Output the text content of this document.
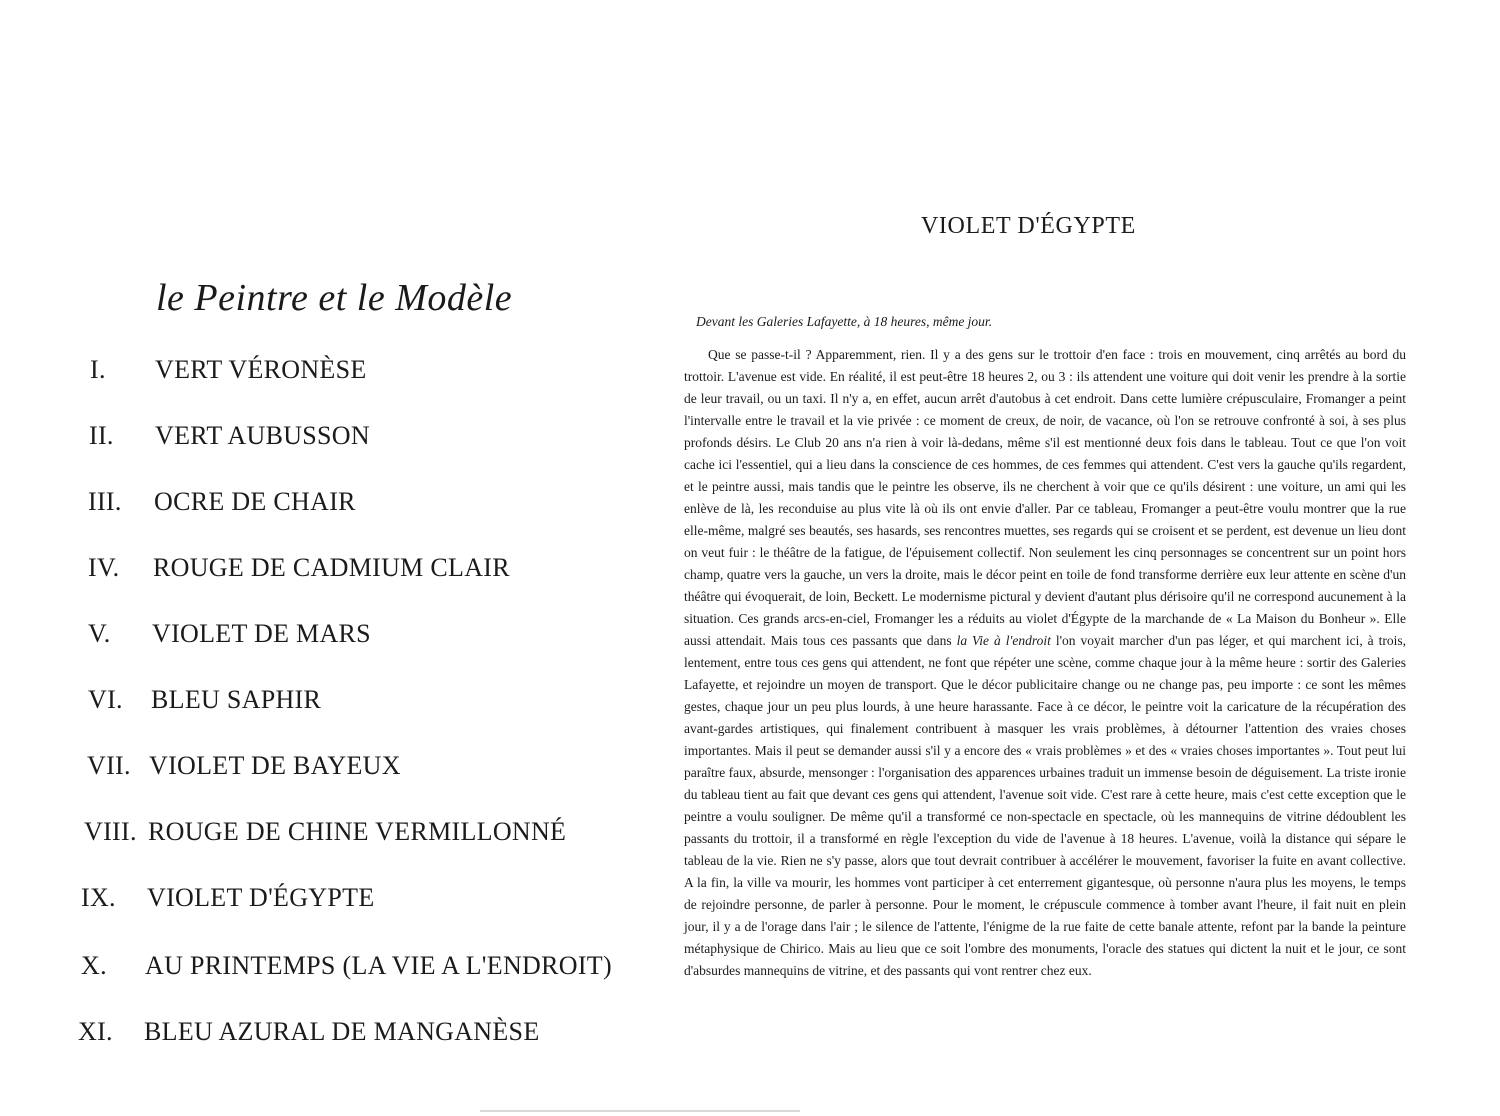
le Peintre et le Modèle
I. VERT VÉRONÈSE
II. VERT AUBUSSON
III. OCRE DE CHAIR
IV. ROUGE DE CADMIUM CLAIR
V. VIOLET DE MARS
VI. BLEU SAPHIR
VII. VIOLET DE BAYEUX
VIII. ROUGE DE CHINE VERMILLONNÉ
IX. VIOLET D'ÉGYPTE
X. AU PRINTEMPS (LA VIE A L'ENDROIT)
XI. BLEU AZURAL DE MANGANÈSE
VIOLET D'ÉGYPTE
Devant les Galeries Lafayette, à 18 heures, même jour.

Que se passe-t-il ? Apparemment, rien. Il y a des gens sur le trottoir d'en face : trois en mouvement, cinq arrêtés au bord du trottoir. L'avenue est vide. En réalité, il est peut-être 18 heures 2, ou 3 : ils attendent une voiture qui doit venir les prendre à la sortie de leur travail, ou un taxi. Il n'y a, en effet, aucun arrêt d'autobus à cet endroit. Dans cette lumière crépusculaire, Fromanger a peint l'intervalle entre le travail et la vie privée : ce moment de creux, de noir, de vacance, où l'on se retrouve confronté à soi, à ses plus profonds désirs. Le Club 20 ans n'a rien à voir là-dedans, même s'il est mentionné deux fois dans le tableau. Tout ce que l'on voit cache ici l'essentiel, qui a lieu dans la conscience de ces hommes, de ces femmes qui attendent. C'est vers la gauche qu'ils regardent, et le peintre aussi, mais tandis que le peintre les observe, ils ne cherchent à voir que ce qu'ils désirent : une voiture, un ami qui les enlève de là, les reconduise au plus vite là où ils ont envie d'aller. Par ce tableau, Fromanger a peut-être voulu montrer que la rue elle-même, malgré ses beautés, ses hasards, ses rencontres muettes, ses regards qui se croisent et se perdent, est devenue un lieu dont on veut fuir : le théâtre de la fatigue, de l'épuisement collectif. Non seulement les cinq personnages se concentrent sur un point hors champ, quatre vers la gauche, un vers la droite, mais le décor peint en toile de fond transforme derrière eux leur attente en scène d'un théâtre qui évoquerait, de loin, Beckett. Le modernisme pictural y devient d'autant plus dérisoire qu'il ne correspond aucunement à la situation. Ces grands arcs-en-ciel, Fromanger les a réduits au violet d'Égypte de la marchande de « La Maison du Bonheur ». Elle aussi attendait. Mais tous ces passants que dans la Vie à l'endroit l'on voyait marcher d'un pas léger, et qui marchent ici, à trois, lentement, entre tous ces gens qui attendent, ne font que répéter une scène, comme chaque jour à la même heure : sortir des Galeries Lafayette, et rejoindre un moyen de transport. Que le décor publicitaire change ou ne change pas, peu importe : ce sont les mêmes gestes, chaque jour un peu plus lourds, à une heure harassante. Face à ce décor, le peintre voit la caricature de la récupération des avant-gardes artistiques, qui finalement contribuent à masquer les vrais problèmes, à détourner l'attention des vraies choses importantes. Mais il peut se demander aussi s'il y a encore des « vrais problèmes » et des « vraies choses importantes ». Tout peut lui paraître faux, absurde, mensonger : l'organisation des apparences urbaines traduit un immense besoin de déguisement. La triste ironie du tableau tient au fait que devant ces gens qui attendent, l'avenue soit vide. C'est rare à cette heure, mais c'est cette exception que le peintre a voulu souligner. De même qu'il a transformé ce non-spectacle en spectacle, où les mannequins de vitrine dédoublent les passants du trottoir, il a transformé en règle l'exception du vide de l'avenue à 18 heures. L'avenue, voilà la distance qui sépare le tableau de la vie. Rien ne s'y passe, alors que tout devrait contribuer à accélérer le mouvement, favoriser la fuite en avant collective. A la fin, la ville va mourir, les hommes vont participer à cet enterrement gigantesque, où personne n'aura plus les moyens, le temps de rejoindre personne, de parler à personne. Pour le moment, le crépuscule commence à tomber avant l'heure, il fait nuit en plein jour, il y a de l'orage dans l'air ; le silence de l'attente, l'énigme de la rue faite de cette banale attente, refont par la bande la peinture métaphysique de Chirico. Mais au lieu que ce soit l'ombre des monuments, l'oracle des statues qui dictent la nuit et le jour, ce sont d'absurdes mannequins de vitrine, et des passants qui vont rentrer chez eux.
